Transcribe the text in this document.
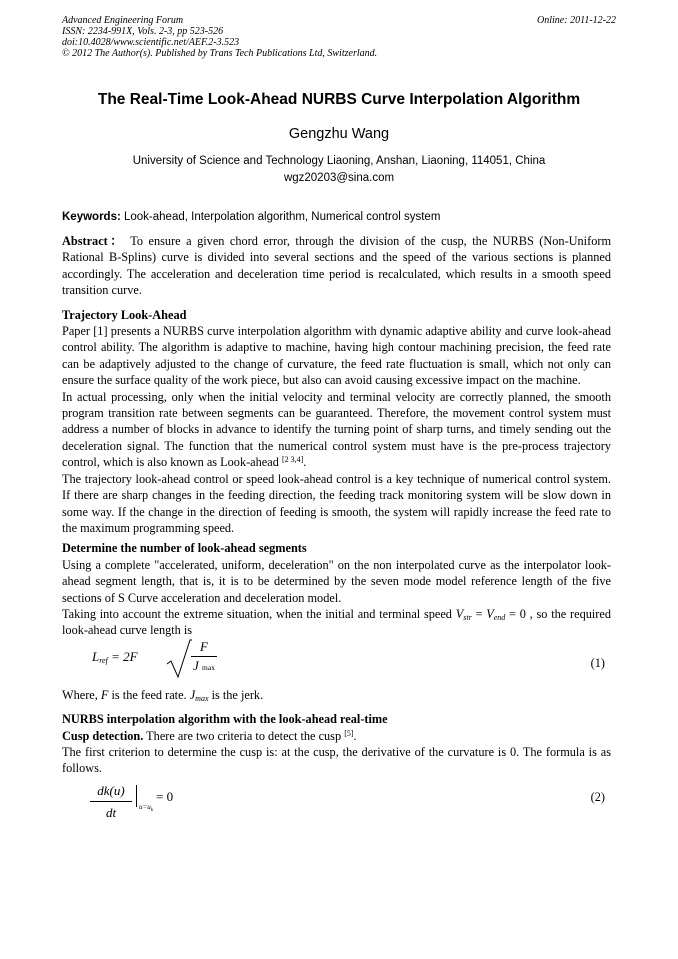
Advanced Engineering Forum
ISSN: 2234-991X, Vols. 2-3, pp 523-526
doi:10.4028/www.scientific.net/AEF.2-3.523
© 2012 The Author(s). Published by Trans Tech Publications Ltd, Switzerland.
Online: 2011-12-22
The Real-Time Look-Ahead NURBS Curve Interpolation Algorithm
Gengzhu Wang
University of Science and Technology Liaoning, Anshan, Liaoning, 114051, China
wgz20203@sina.com
Keywords: Look-ahead, Interpolation algorithm, Numerical control system

Abstract： To ensure a given chord error, through the division of the cusp, the NURBS (Non-Uniform Rational B-Splins) curve is divided into several sections and the speed of the various sections is planned accordingly. The acceleration and deceleration time period is recalculated, which results in a smooth speed transition curve.

Trajectory Look-Ahead

Paper [1] presents a NURBS curve interpolation algorithm with dynamic adaptive ability and curve look-ahead control ability. The algorithm is adaptive to machine, having high contour machining precision, the feed rate can be adaptively adjusted to the change of curvature, the feed rate fluctuation is small, which not only can ensure the surface quality of the work piece, but also can avoid causing excessive impact on the machine.

In actual processing, only when the initial velocity and terminal velocity are correctly planned, the smooth program transition rate between segments can be guaranteed. Therefore, the movement control system must address a number of blocks in advance to identify the turning point of sharp turns, and timely sending out the deceleration signal. The function that the numerical control system must have is the pre-process trajectory control, which is also known as Look-ahead [2 3,4].

The trajectory look-ahead control or speed look-ahead control is a key technique of numerical control system. If there are sharp changes in the feeding direction, the feeding track monitoring system will be slow down in some way. If the change in the direction of feeding is smooth, the system will rapidly increase the feed rate to the maximum programming speed.

Determine the number of look-ahead segments

Using a complete "accelerated, uniform, deceleration" on the non interpolated curve as the interpolator look-ahead segment length, that is, it is to be determined by the seven mode model reference length of the five sections of S Curve acceleration and deceleration model.

Taking into account the extreme situation, when the initial and terminal speed $V_{str} = V_{end} = 0$ , so the required look-ahead curve length is

$L_{ref} = 2F$
F
J max	(1)

Where, F is the feed rate. $J_{max}$ is the jerk.

NURBS interpolation algorithm with the look-ahead real-time

Cusp detection. There are two criteria to detect the cusp [5].

The first criterion to determine the cusp is: at the cusp, the derivative of the curvature is 0. The formula is as follows.

$\frac{dk(u)}{dt} u=u_k$
= 0	(2)
